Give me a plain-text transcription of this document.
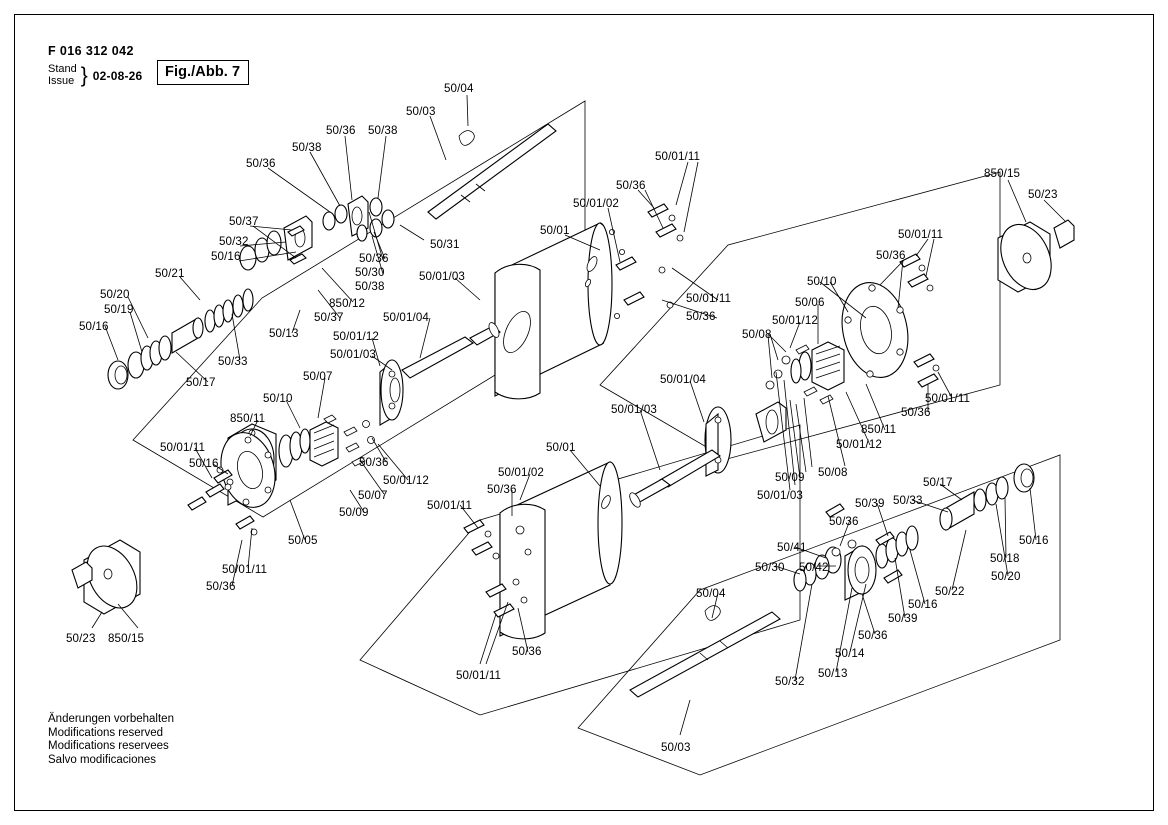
F 016 312 042
Stand
Issue } 02-08-26	Fig./Abb. 7
Änderungen vorbehalten
Modifications reserved
Modifications reservees
Salvo modificaciones
50/04
50/03
50/36 50/38
50/38
50/36
50/01/11
850/15
50/23
50/36
50/01/02
50/37
50/01	50/01/11
50/32	50/31
50/16	50/36
50/36
50/30
50/21
50/38
50/01/03	50/10
50/20
50/19
50/01/11	50/06
850/12
50/37	50/36
50/16
50/08
50/01/12
50/13
50/01/04
50/01/12
50/33
50/01/03
50/17	50/07	50/01/04
50/01/11
50/36
50/10
850/11
50/01/03
850/11
50/01/12
50/01/11	50/01
50/16
50/09 50/08
50/01/03
50/01/12
50/36
50/07
50/01/02
50/36
50/01/11
50/17
50/33
50/39
50/36
50/09
50/05
50/41
50/42
50/16
50/18
50/30
50/20
50/22
50/01/11
50/36
50/16
50/39
50/36
50/04
50/14
50/13
50/32
50/23 850/15
50/01/11
50/36
50/03
